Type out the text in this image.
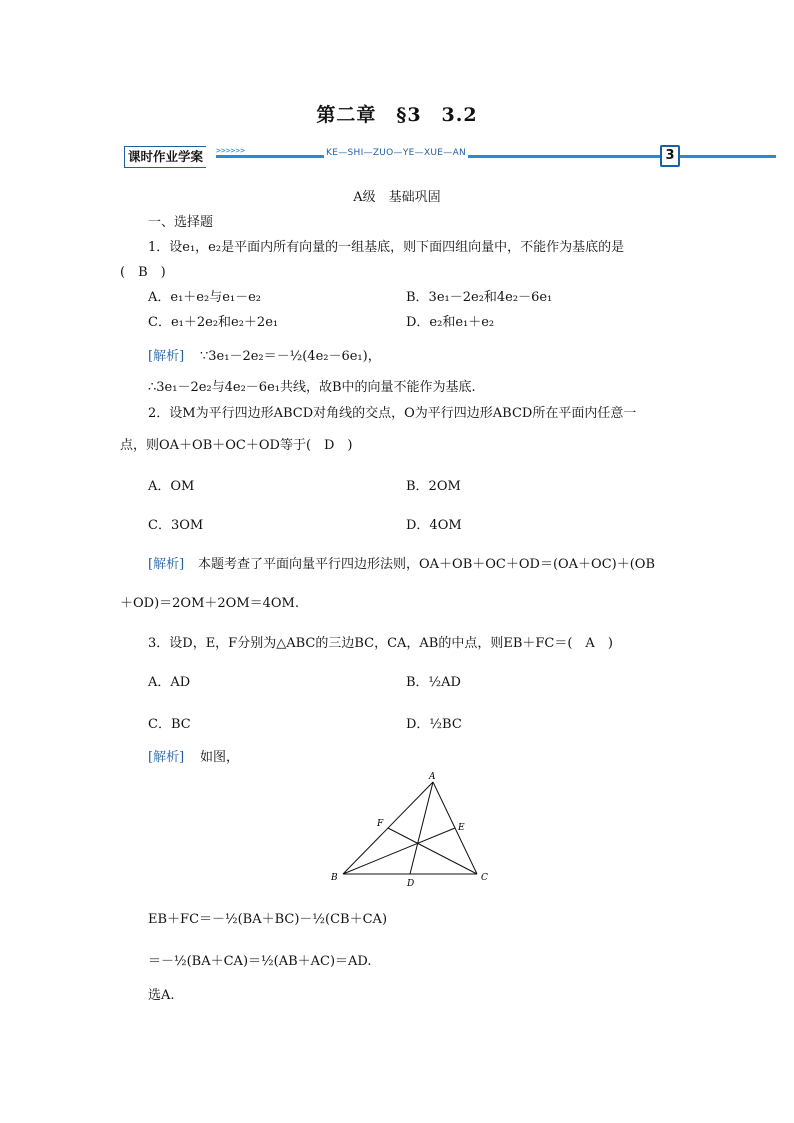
第二章　§3　3.2
课时作业学案	>>>>>>	KE—SHI—ZUO—YE—XUE—AN	3
A级　基础巩固
一、选择题
1．设e₁，e₂是平面内所有向量的一组基底，则下面四组向量中，不能作为基底的是
(　B　)
A．e₁＋e₂与e₁－e₂	B．3e₁－2e₂和4e₂－6e₁
C．e₁＋2e₂和e₂＋2e₁	D．e₂和e₁＋e₂
[解析] ∵3e₁－2e₂＝－½(4e₂－6e₁)，
∴3e₁－2e₂与4e₂－6e₁共线，故B中的向量不能作为基底.
2．设M为平行四边形ABCD对角线的交点，O为平行四边形ABCD所在平面内任意一
点，则OA＋OB＋OC＋OD等于(　D　)
A．OM	B．2OM
C．3OM	D．4OM
[解析] 本题考查了平面向量平行四边形法则，OA＋OB＋OC＋OD＝(OA＋OC)＋(OB
＋OD)＝2OM＋2OM＝4OM.
3．设D，E，F分别为△ABC的三边BC，CA，AB的中点，则EB＋FC＝(　A　)
A．AD	B．½AD
C．BC	D．½BC
[解析] 如图，
A
B	C
D
E
F
EB＋FC＝－½(BA＋BC)－½(CB＋CA)
＝－½(BA＋CA)＝½(AB＋AC)＝AD.
选A.
